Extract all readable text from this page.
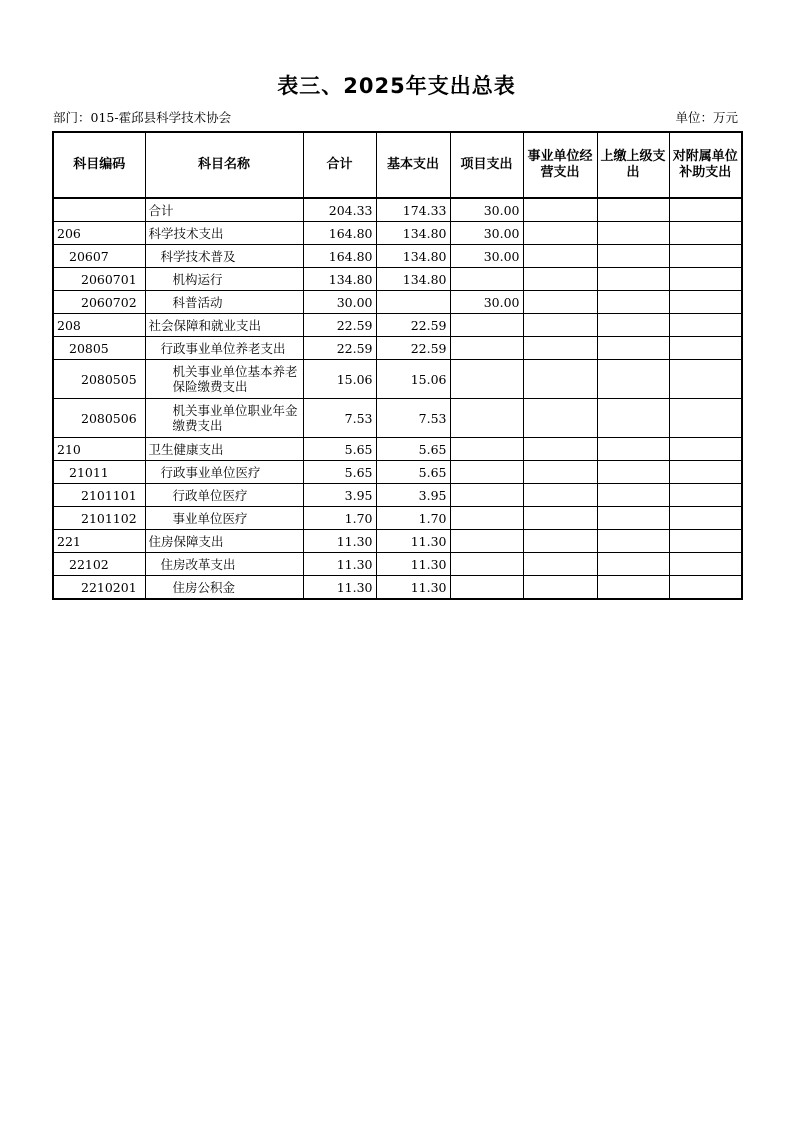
表三、2025年支出总表
部门：015-霍邱县科学技术协会	单位：万元
科目编码	科目名称	合计	基本支出	项目支出	事业单位经营支出	上缴上级支出	对附属单位补助支出
	合计	204.33	174.33	30.00			
206	科学技术支出	164.80	134.80	30.00			
20607	科学技术普及	164.80	134.80	30.00			
2060701	机构运行	134.80	134.80				
2060702	科普活动	30.00		30.00			
208	社会保障和就业支出	22.59	22.59				
20805	行政事业单位养老支出	22.59	22.59				
2080505	机关事业单位基本养老保险缴费支出	15.06	15.06				
2080506	机关事业单位职业年金缴费支出	7.53	7.53				
210	卫生健康支出	5.65	5.65				
21011	行政事业单位医疗	5.65	5.65				
2101101	行政单位医疗	3.95	3.95				
2101102	事业单位医疗	1.70	1.70				
221	住房保障支出	11.30	11.30				
22102	住房改革支出	11.30	11.30				
2210201	住房公积金	11.30	11.30				
